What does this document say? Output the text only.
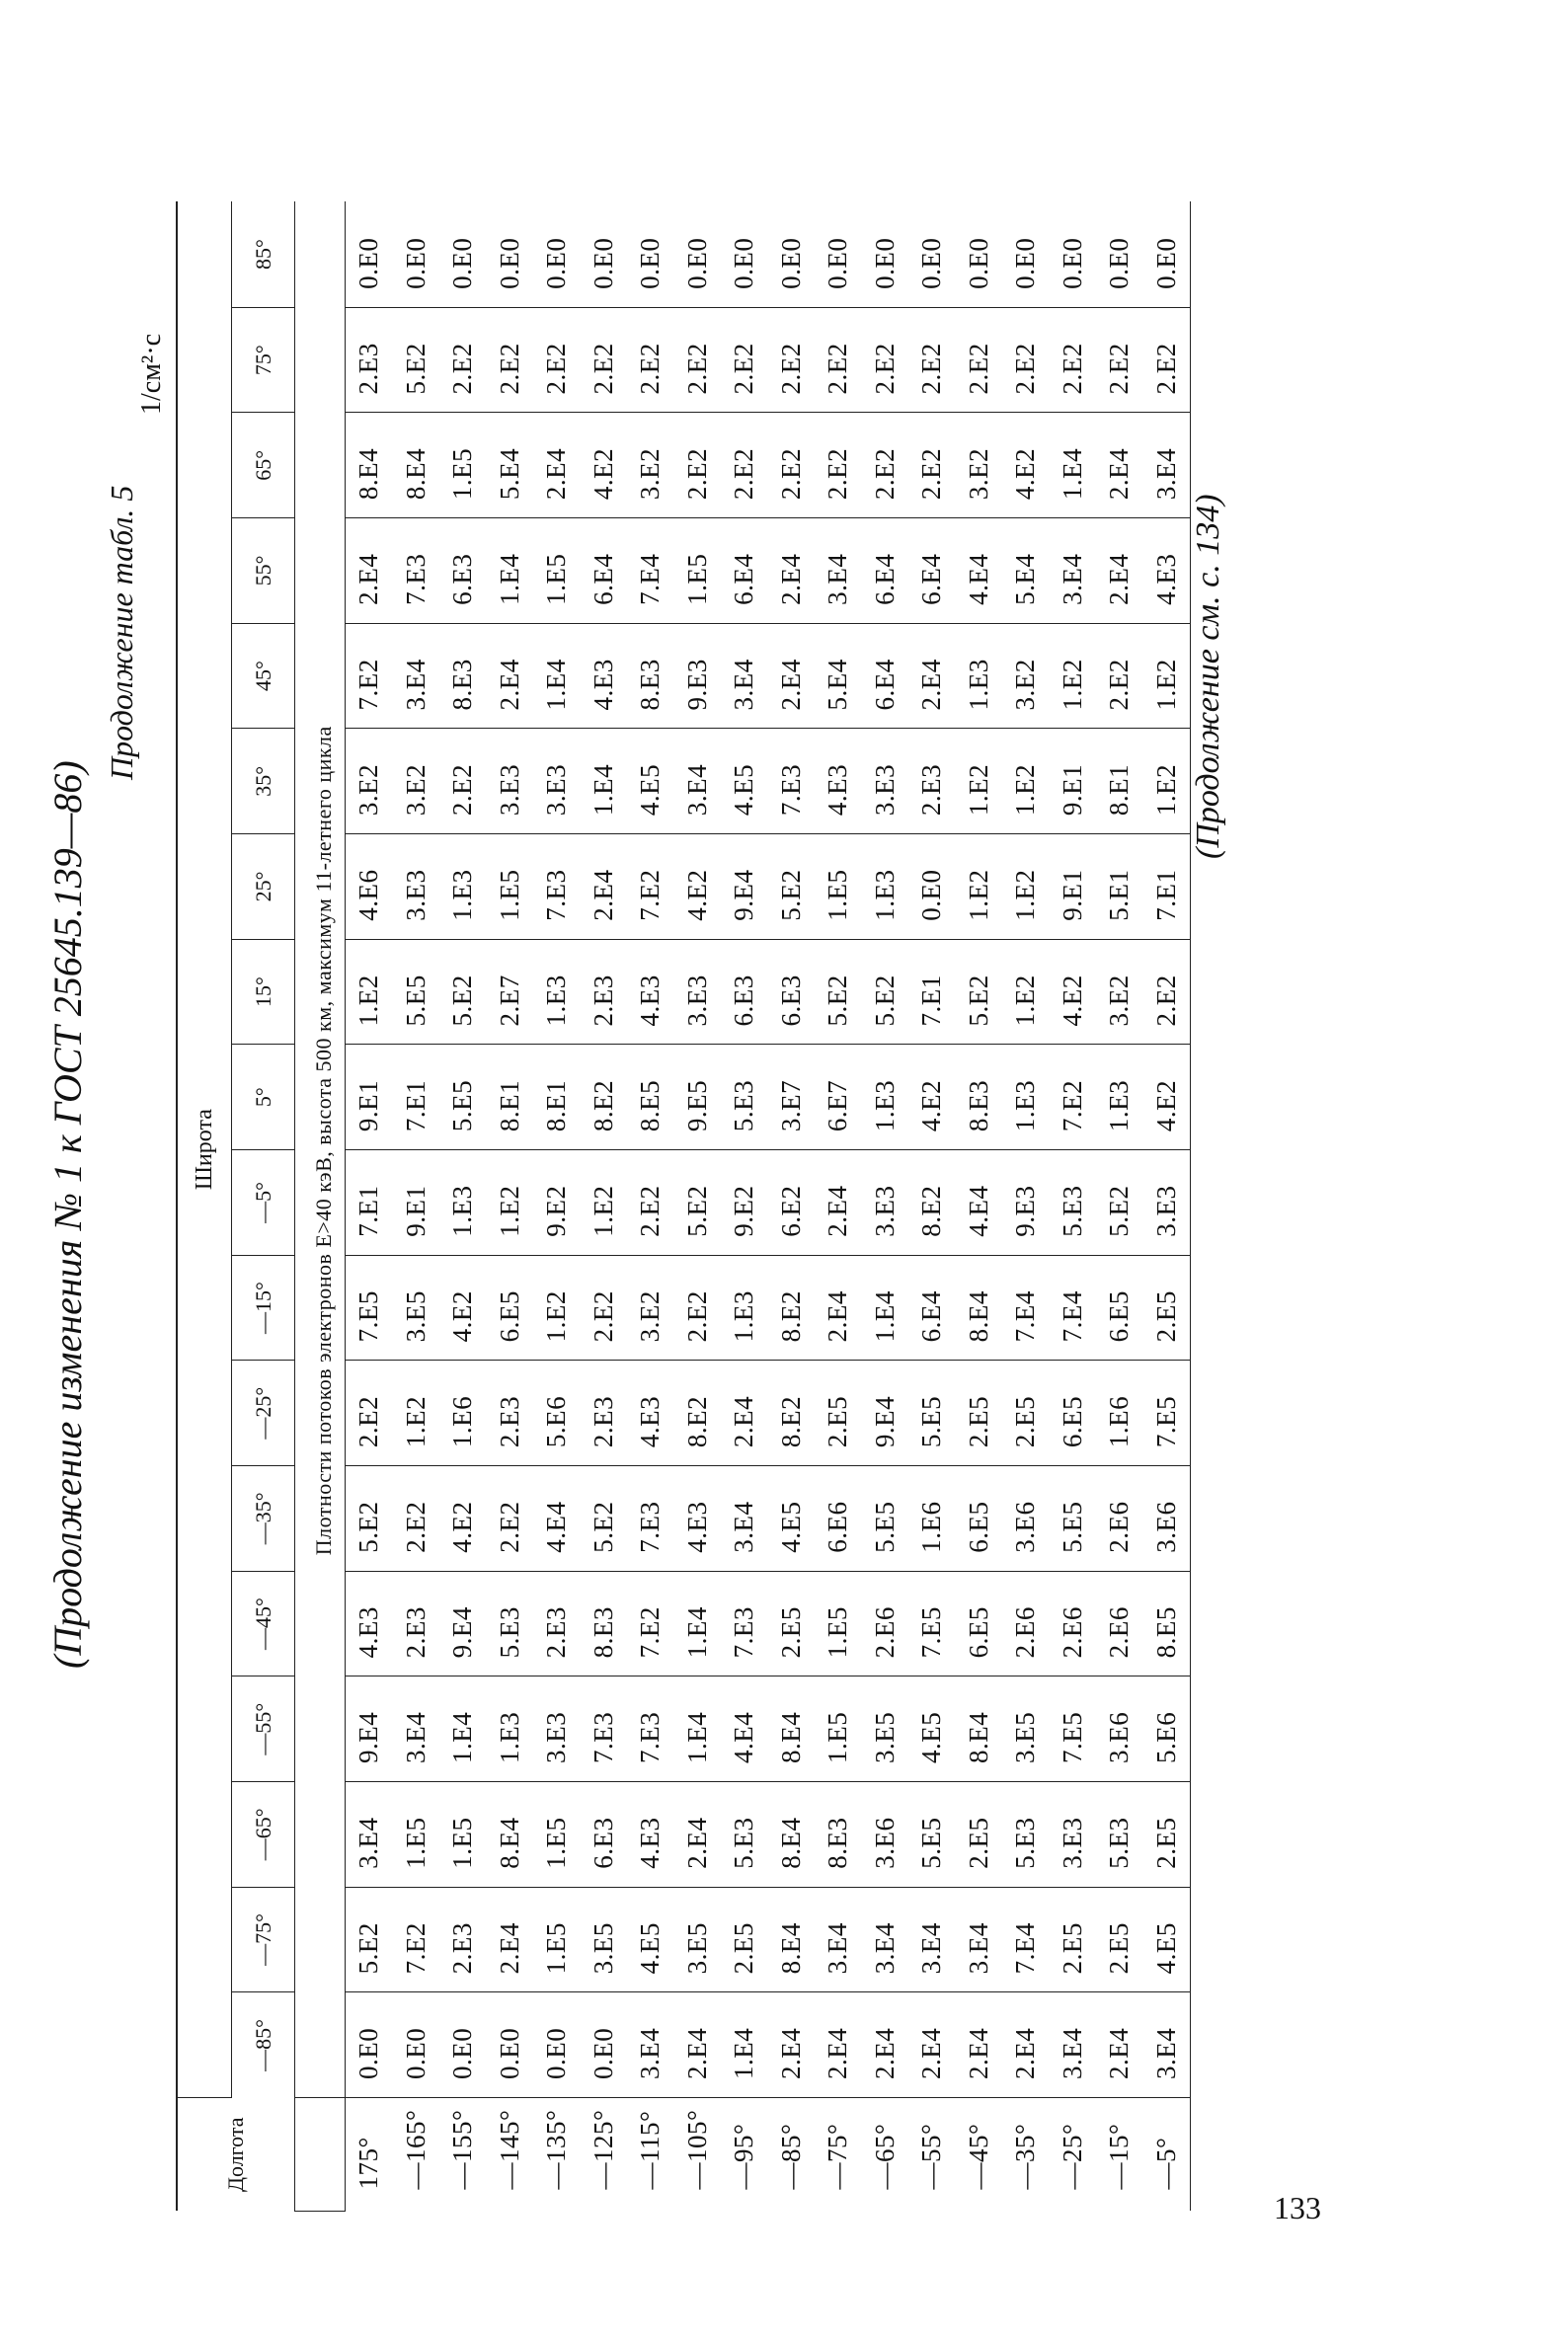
(Продолжение изменения № 1 к ГОСТ 25645.139—86)
Продолжение табл. 5
1/см²·с
Долгота	Широта																	
	—85°	—75°	—65°	—55°	—45°	—35°	—25°	—15°	—5°	5°	15°	25°	35°	45°	55°	65°	75°	85°
	Плотности потоков электронов E>40 кэВ, высота 500 км, максимум 11-летнего цикла																	
175°	0.E0	5.E2	3.E4	9.E4	4.E3	5.E2	2.E2	7.E5	7.E1	9.E1	1.E2	4.E6	3.E2	7.E2	2.E4	8.E4	2.E3	0.E0
—165°	0.E0	7.E2	1.E5	3.E4	2.E3	2.E2	1.E2	3.E5	9.E1	7.E1	5.E5	3.E3	3.E2	3.E4	7.E3	8.E4	5.E2	0.E0
—155°	0.E0	2.E3	1.E5	1.E4	9.E4	4.E2	1.E6	4.E2	1.E3	5.E5	5.E2	1.E3	2.E2	8.E3	6.E3	1.E5	2.E2	0.E0
—145°	0.E0	2.E4	8.E4	1.E3	5.E3	2.E2	2.E3	6.E5	1.E2	8.E1	2.E7	1.E5	3.E3	2.E4	1.E4	5.E4	2.E2	0.E0
—135°	0.E0	1.E5	1.E5	3.E3	2.E3	4.E4	5.E6	1.E2	9.E2	8.E1	1.E3	7.E3	3.E3	1.E4	1.E5	2.E4	2.E2	0.E0
—125°	0.E0	3.E5	6.E3	7.E3	8.E3	5.E2	2.E3	2.E2	1.E2	8.E2	2.E3	2.E4	1.E4	4.E3	6.E4	4.E2	2.E2	0.E0
—115°	3.E4	4.E5	4.E3	7.E3	7.E2	7.E3	4.E3	3.E2	2.E2	8.E5	4.E3	7.E2	4.E5	8.E3	7.E4	3.E2	2.E2	0.E0
—105°	2.E4	3.E5	2.E4	1.E4	1.E4	4.E3	8.E2	2.E2	5.E2	9.E5	3.E3	4.E2	3.E4	9.E3	1.E5	2.E2	2.E2	0.E0
—95°	1.E4	2.E5	5.E3	4.E4	7.E3	3.E4	2.E4	1.E3	9.E2	5.E3	6.E3	9.E4	4.E5	3.E4	6.E4	2.E2	2.E2	0.E0
—85°	2.E4	8.E4	8.E4	8.E4	2.E5	4.E5	8.E2	8.E2	6.E2	3.E7	6.E3	5.E2	7.E3	2.E4	2.E4	2.E2	2.E2	0.E0
—75°	2.E4	3.E4	8.E3	1.E5	1.E5	6.E6	2.E5	2.E4	2.E4	6.E7	5.E2	1.E5	4.E3	5.E4	3.E4	2.E2	2.E2	0.E0
—65°	2.E4	3.E4	3.E6	3.E5	2.E6	5.E5	9.E4	1.E4	3.E3	1.E3	5.E2	1.E3	3.E3	6.E4	6.E4	2.E2	2.E2	0.E0
—55°	2.E4	3.E4	5.E5	4.E5	7.E5	1.E6	5.E5	6.E4	8.E2	4.E2	7.E1	0.E0	2.E3	2.E4	6.E4	2.E2	2.E2	0.E0
—45°	2.E4	3.E4	2.E5	8.E4	6.E5	6.E5	2.E5	8.E4	4.E4	8.E3	5.E2	1.E2	1.E2	1.E3	4.E4	3.E2	2.E2	0.E0
—35°	2.E4	7.E4	5.E3	3.E5	2.E6	3.E6	2.E5	7.E4	9.E3	1.E3	1.E2	1.E2	1.E2	3.E2	5.E4	4.E2	2.E2	0.E0
—25°	3.E4	2.E5	3.E3	7.E5	2.E6	5.E5	6.E5	7.E4	5.E3	7.E2	4.E2	9.E1	9.E1	1.E2	3.E4	1.E4	2.E2	0.E0
—15°	2.E4	2.E5	5.E3	3.E6	2.E6	2.E6	1.E6	6.E5	5.E2	1.E3	3.E2	5.E1	8.E1	2.E2	2.E4	2.E4	2.E2	0.E0
—5°	3.E4	4.E5	2.E5	5.E6	8.E5	3.E6	7.E5	2.E5	3.E3	4.E2	2.E2	7.E1	1.E2	1.E2	4.E3	3.E4	2.E2	0.E0
(Продолжение см. с. 134)
133
